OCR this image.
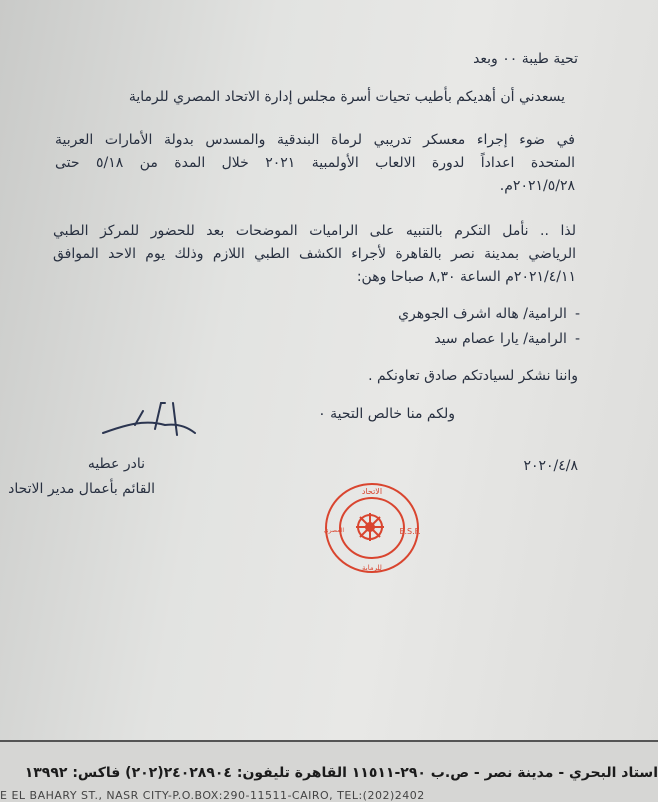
تحية طيبة ٠٠ وبعد
يسعدني أن أهديكم بأطيب تحيات أسرة مجلس إدارة الاتحاد المصري للرماية
في ضوء إجراء معسكر تدريبي لرماة البندقية والمسدس بدولة الأمارات العربية
المتحدة اعداداً لدورة الالعاب الأولمبية ٢٠٢١ خلال المدة من ٥/١٨ حتى
٢٠٢١/٥/٢٨م.
لذا .. نأمل التكرم بالتنبيه على الراميات الموضحات بعد للحضور للمركز الطبي
الرياضي بمدينة نصر بالقاهرة لأجراء الكشف الطبي اللازم وذلك يوم الاحد الموافق
٢٠٢١/٤/١١م الساعة ٨,٣٠ صباحا وهن:
- الرامية/ هاله اشرف الجوهري
- الرامية/ يارا عصام سيد
واننا نشكر لسيادتكم صادق تعاونكم .
ولكم منا خالص التحية ٠
نادر عطيه
القائم بأعمال مدير الاتحاد
٢٠٢٠/٤/٨
الاتحاد
للرماية
المصري	E.S.F.
استاد البحري - مدينة نصر - ص.ب ٢٩٠-١١٥١١ القاهرة تليفون: ٢٤٠٢٨٩٠٤(٢٠٢) فاكس: ١٣٩٩٢
E EL BAHARY ST., NASR CITY-P.O.BOX:290-11511-CAIRO, TEL:(202)2402
